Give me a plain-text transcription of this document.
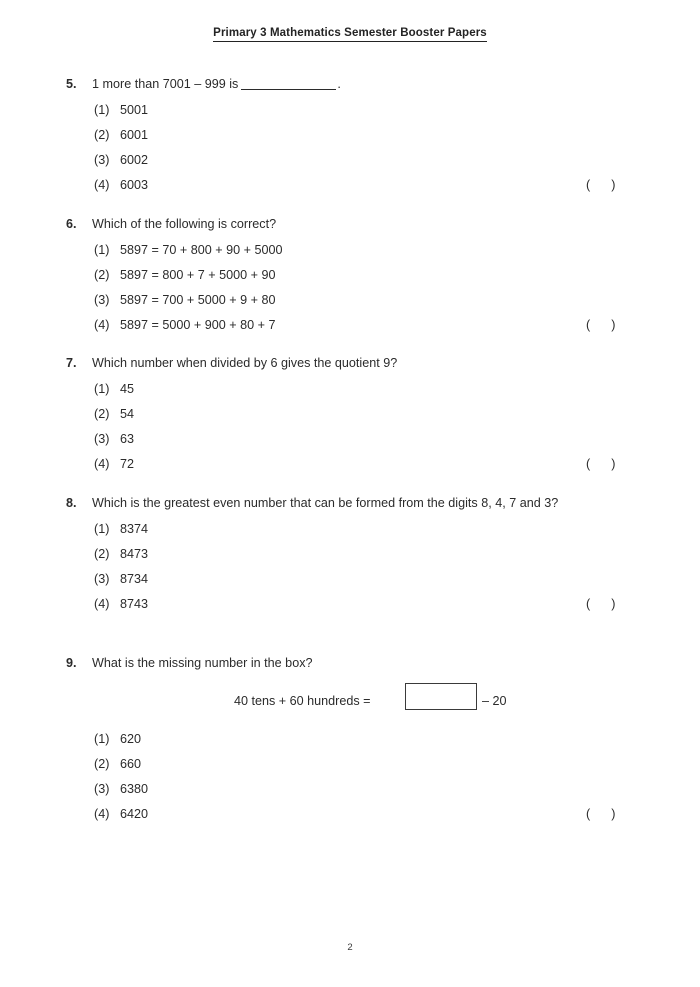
Primary 3 Mathematics Semester Booster Papers
5.	1 more than 7001 – 999 is	.
(1) 5001
(2) 6001
(3) 6002
(4) 6003	(      )
6.	Which of the following is correct?
(1) 5897 = 70 + 800 + 90 + 5000
(2) 5897 = 800 + 7 + 5000 + 90
(3) 5897 = 700 + 5000 + 9 + 80
(4) 5897 = 5000 + 900 + 80 + 7	(      )
7.	Which number when divided by 6 gives the quotient 9?
(1) 45
(2) 54
(3) 63
(4) 72	(      )
8.	Which is the greatest even number that can be formed from the digits 8, 4, 7 and 3?
(1) 8374
(2) 8473
(3) 8734
(4) 8743	(      )
9.	What is the missing number in the box?
40 tens + 60 hundreds =	– 20
(1) 620
(2) 660
(3) 6380
(4) 6420	(      )
2
